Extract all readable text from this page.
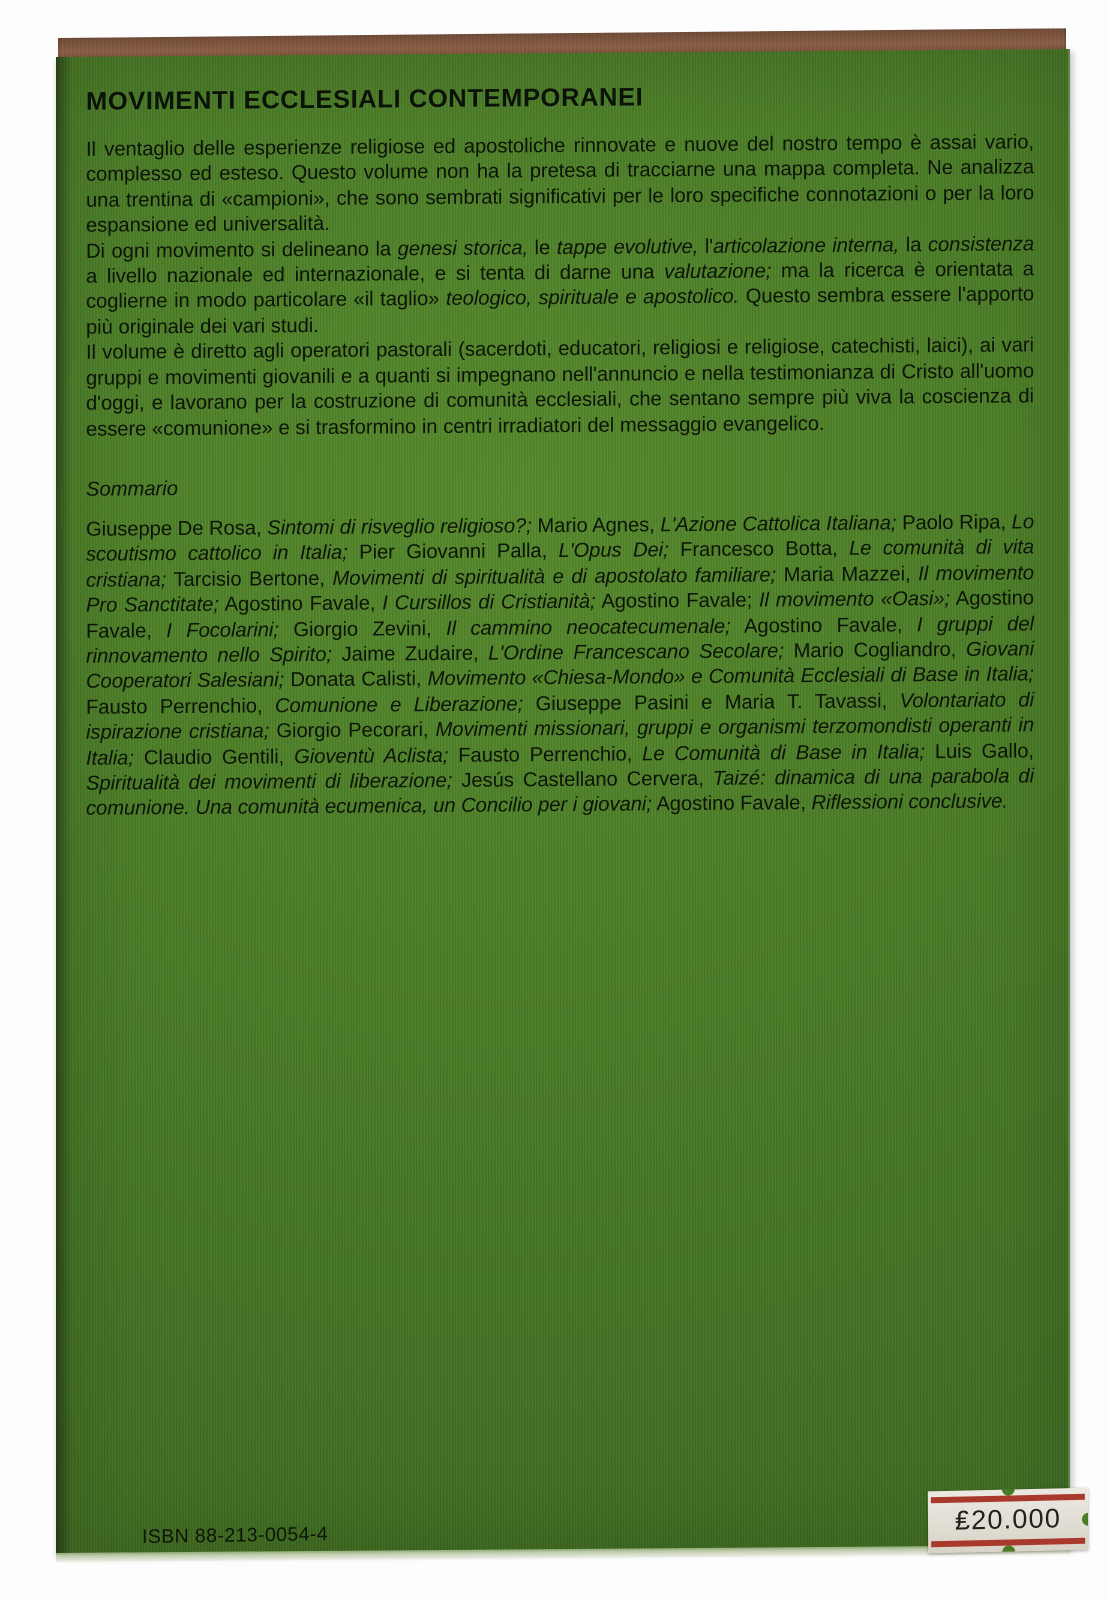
MOVIMENTI ECCLESIALI CONTEMPORANEI

Il ventaglio delle esperienze religiose ed apostoliche rinnovate e nuove del nostro tempo è assai vario, complesso ed esteso. Questo volume non ha la pretesa di tracciarne una mappa completa. Ne analizza una trentina di «campioni», che sono sembrati significativi per le loro specifiche connotazioni o per la loro espansione ed universalità.

Di ogni movimento si delineano la genesi storica, le tappe evolutive, l'articolazione interna, la consistenza a livello nazionale ed internazionale, e si tenta di darne una valutazione; ma la ricerca è orientata a coglierne in modo particolare «il taglio» teologico, spirituale e apostolico. Questo sembra essere l'apporto più originale dei vari studi.

Il volume è diretto agli operatori pastorali (sacerdoti, educatori, religiosi e religiose, catechisti, laici), ai vari gruppi e movimenti giovanili e a quanti si impegnano nell'annuncio e nella testimonianza di Cristo all'uomo d'oggi, e lavorano per la costruzione di comunità ecclesiali, che sentano sempre più viva la coscienza di essere «comunione» e si trasformino in centri irradiatori del messaggio evangelico.

Sommario

Giuseppe De Rosa, Sintomi di risveglio religioso?; Mario Agnes, L'Azione Cattolica Italiana; Paolo Ripa, Lo scoutismo cattolico in Italia; Pier Giovanni Palla, L'Opus Dei; Francesco Botta, Le comunità di vita cristiana; Tarcisio Bertone, Movimenti di spiritualità e di apostolato familiare; Maria Mazzei, Il movimento Pro Sanctitate; Agostino Favale, I Cursillos di Cristianità; Agostino Favale; Il movimento «Oasi»; Agostino Favale, I Focolarini; Giorgio Zevini, Il cammino neocatecumenale; Agostino Favale, I gruppi del rinnovamento nello Spirito; Jaime Zudaire, L'Ordine Francescano Secolare; Mario Cogliandro, Giovani Cooperatori Salesiani; Donata Calisti, Movimento «Chiesa-Mondo» e Comunità Ecclesiali di Base in Italia; Fausto Perrenchio, Comunione e Liberazione; Giuseppe Pasini e Maria T. Tavassi, Volontariato di ispirazione cristiana; Giorgio Pecorari, Movimenti missionari, gruppi e organismi terzomondisti operanti in Italia; Claudio Gentili, Gioventù Aclista; Fausto Perrenchio, Le Comunità di Base in Italia; Luis Gallo, Spiritualità dei movimenti di liberazione; Jesús Castellano Cervera, Taizé: dinamica di una parabola di comunione. Una comunità ecumenica, un Concilio per i giovani; Agostino Favale, Riflessioni conclusive.

ISBN 88-213-0054-4	₤20.000
